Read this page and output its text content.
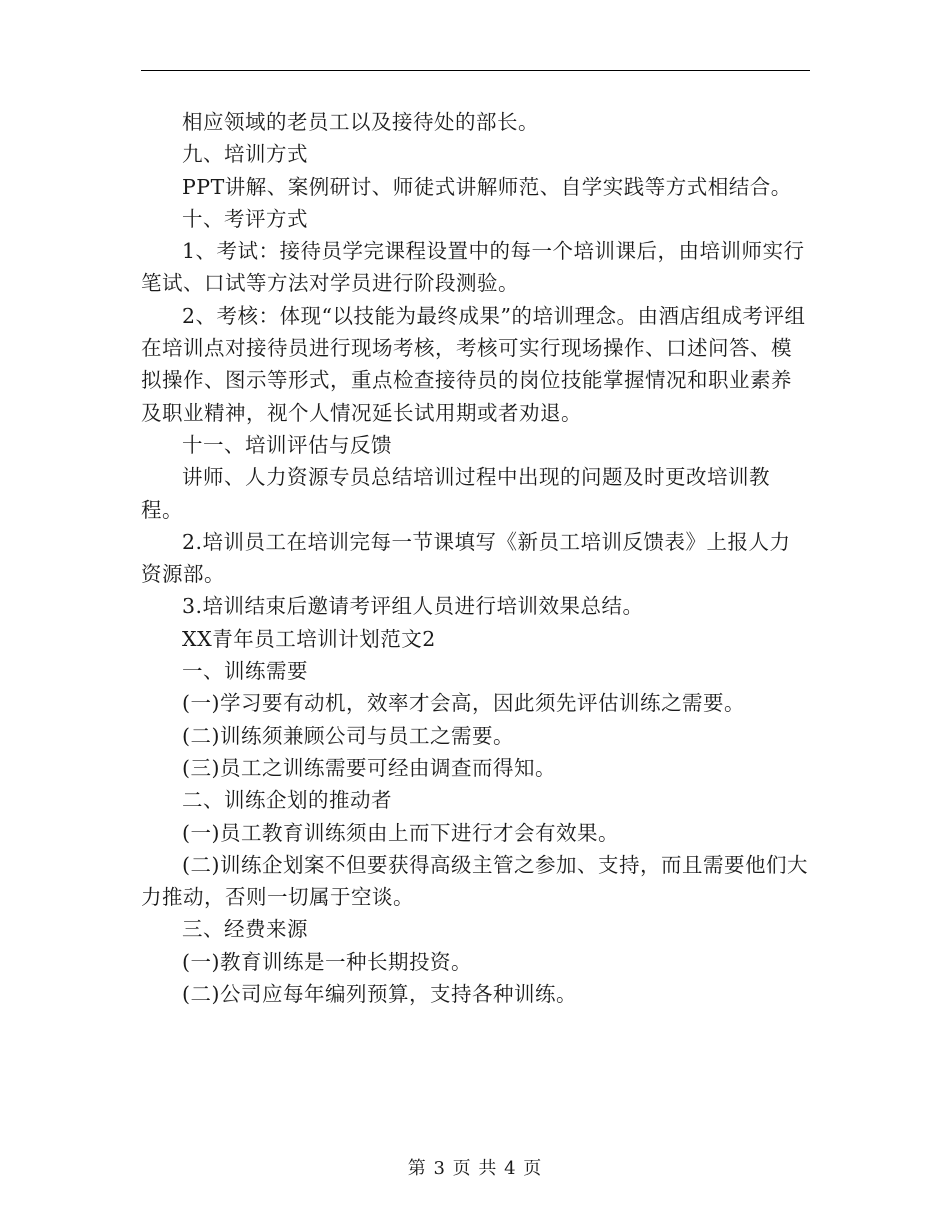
相应领域的老员工以及接待处的部长。

九、培训方式

PPT讲解、案例研讨、师徒式讲解师范、自学实践等方式相结合。

十、考评方式

1、考试：接待员学完课程设置中的每一个培训课后，由培训师实行笔试、口试等方法对学员进行阶段测验。

2、考核：体现“以技能为最终成果”的培训理念。由酒店组成考评组在培训点对接待员进行现场考核，考核可实行现场操作、口述问答、模拟操作、图示等形式，重点检查接待员的岗位技能掌握情况和职业素养及职业精神，视个人情况延长试用期或者劝退。

十一、培训评估与反馈

讲师、人力资源专员总结培训过程中出现的问题及时更改培训教程。

2.培训员工在培训完每一节课填写《新员工培训反馈表》上报人力资源部。

3.培训结束后邀请考评组人员进行培训效果总结。

XX青年员工培训计划范文2

一、训练需要

(一)学习要有动机，效率才会高，因此须先评估训练之需要。

(二)训练须兼顾公司与员工之需要。

(三)员工之训练需要可经由调查而得知。

二、训练企划的推动者

(一)员工教育训练须由上而下进行才会有效果。

(二)训练企划案不但要获得高级主管之参加、支持，而且需要他们大力推动，否则一切属于空谈。

三、经费来源

(一)教育训练是一种长期投资。

(二)公司应每年编列预算，支持各种训练。

第 3 页 共 4 页
